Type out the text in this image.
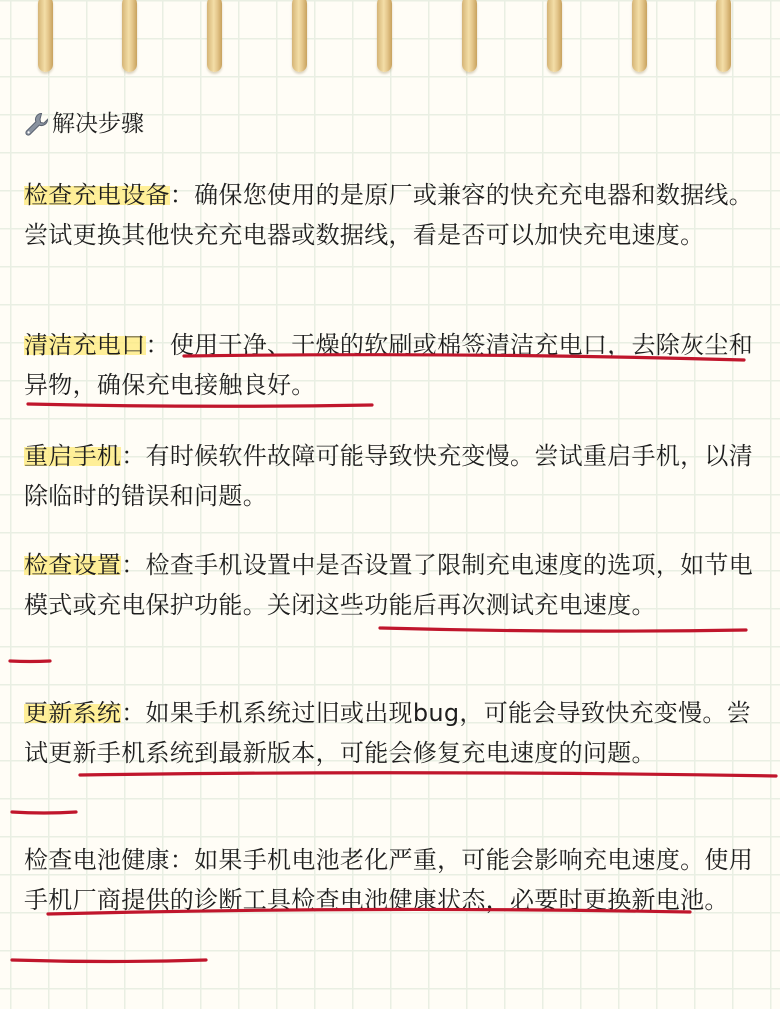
解决步骤

检查充电设备：确保您使用的是原厂或兼容的快充充电器和数据线。尝试更换其他快充充电器或数据线，看是否可以加快充电速度。

清洁充电口：使用干净、干燥的软刷或棉签清洁充电口，去除灰尘和异物，确保充电接触良好。

重启手机：有时候软件故障可能导致快充变慢。尝试重启手机，以清除临时的错误和问题。

检查设置：检查手机设置中是否设置了限制充电速度的选项，如节电模式或充电保护功能。关闭这些功能后再次测试充电速度。

更新系统：如果手机系统过旧或出现bug，可能会导致快充变慢。尝试更新手机系统到最新版本，可能会修复充电速度的问题。

检查电池健康：如果手机电池老化严重，可能会影响充电速度。使用手机厂商提供的诊断工具检查电池健康状态，必要时更换新电池。
